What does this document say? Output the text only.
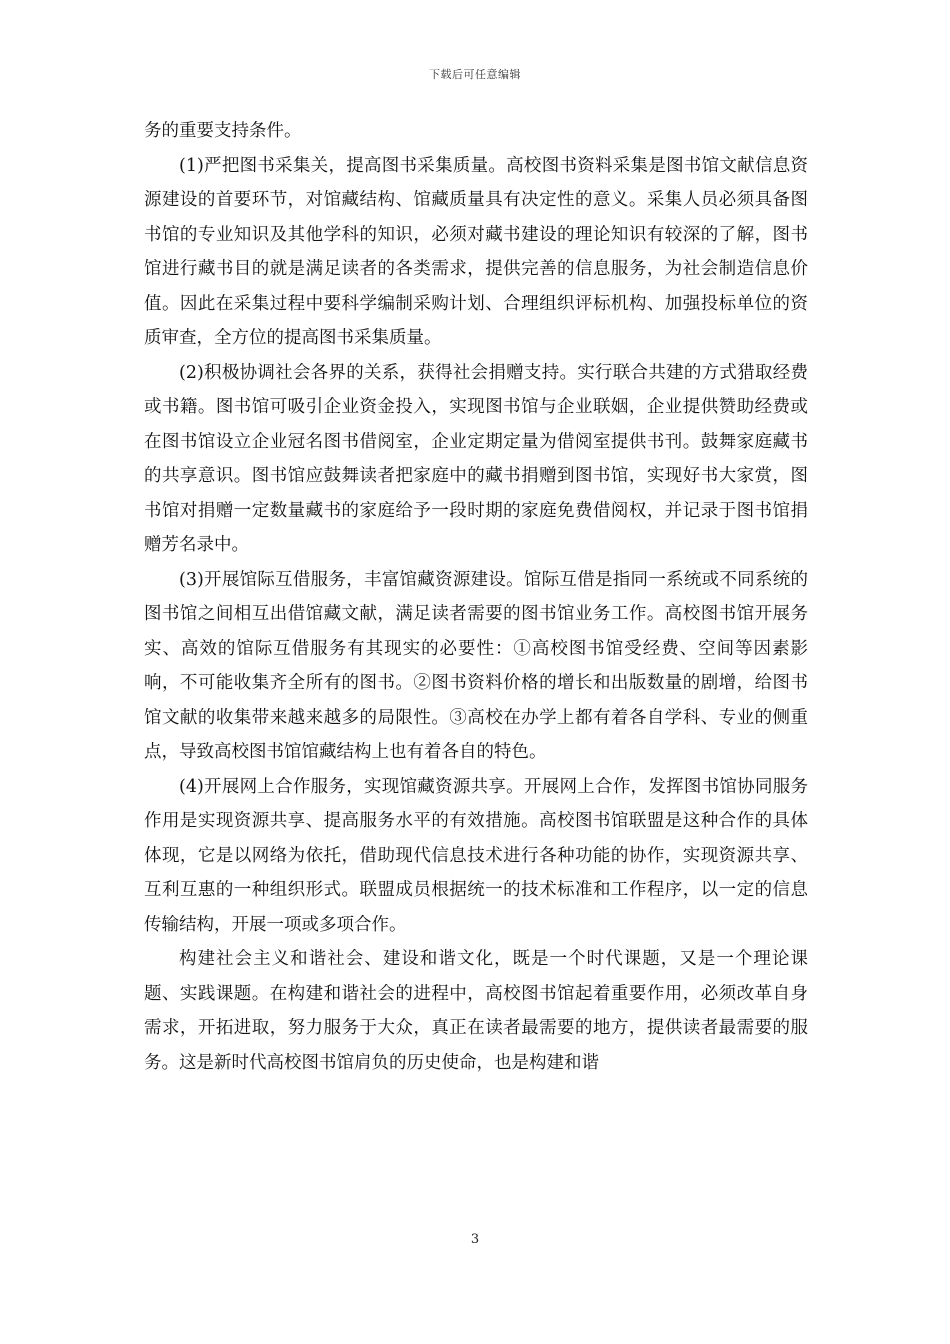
下载后可任意编辑

务的重要支持条件。

(1)严把图书采集关，提高图书采集质量。高校图书资料采集是图书馆文献信息资源建设的首要环节，对馆藏结构、馆藏质量具有决定性的意义。采集人员必须具备图书馆的专业知识及其他学科的知识，必须对藏书建设的理论知识有较深的了解，图书馆进行藏书目的就是满足读者的各类需求，提供完善的信息服务，为社会制造信息价值。因此在采集过程中要科学编制采购计划、合理组织评标机构、加强投标单位的资质审查，全方位的提高图书采集质量。

(2)积极协调社会各界的关系，获得社会捐赠支持。实行联合共建的方式猎取经费或书籍。图书馆可吸引企业资金投入，实现图书馆与企业联姻，企业提供赞助经费或在图书馆设立企业冠名图书借阅室，企业定期定量为借阅室提供书刊。鼓舞家庭藏书的共享意识。图书馆应鼓舞读者把家庭中的藏书捐赠到图书馆，实现好书大家赏，图书馆对捐赠一定数量藏书的家庭给予一段时期的家庭免费借阅权，并记录于图书馆捐赠芳名录中。

(3)开展馆际互借服务，丰富馆藏资源建设。馆际互借是指同一系统或不同系统的图书馆之间相互出借馆藏文献，满足读者需要的图书馆业务工作。高校图书馆开展务实、高效的馆际互借服务有其现实的必要性：①高校图书馆受经费、空间等因素影响，不可能收集齐全所有的图书。②图书资料价格的增长和出版数量的剧增，给图书馆文献的收集带来越来越多的局限性。③高校在办学上都有着各自学科、专业的侧重点，导致高校图书馆馆藏结构上也有着各自的特色。

(4)开展网上合作服务，实现馆藏资源共享。开展网上合作，发挥图书馆协同服务作用是实现资源共享、提高服务水平的有效措施。高校图书馆联盟是这种合作的具体体现，它是以网络为依托，借助现代信息技术进行各种功能的协作，实现资源共享、互利互惠的一种组织形式。联盟成员根据统一的技术标准和工作程序，以一定的信息传输结构，开展一项或多项合作。

构建社会主义和谐社会、建设和谐文化，既是一个时代课题，又是一个理论课题、实践课题。在构建和谐社会的进程中，高校图书馆起着重要作用，必须改革自身需求，开拓进取，努力服务于大众，真正在读者最需要的地方，提供读者最需要的服务。这是新时代高校图书馆肩负的历史使命，也是构建和谐

3
